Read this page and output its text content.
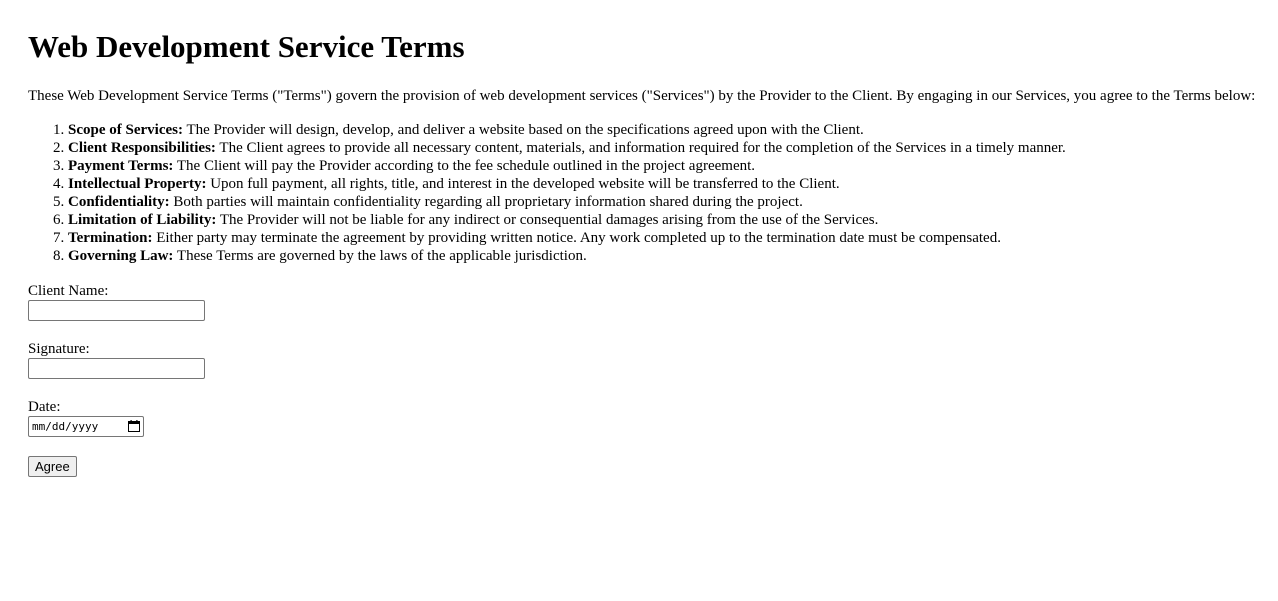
Web Development Service Terms

These Web Development Service Terms ("Terms") govern the provision of web development services ("Services") by the Provider to the Client. By engaging in our Services, you agree to the Terms below:

1. Scope of Services: The Provider will design, develop, and deliver a website based on the specifications agreed upon with the Client.
2. Client Responsibilities: The Client agrees to provide all necessary content, materials, and information required for the completion of the Services in a timely manner.
3. Payment Terms: The Client will pay the Provider according to the fee schedule outlined in the project agreement.
4. Intellectual Property: Upon full payment, all rights, title, and interest in the developed website will be transferred to the Client.
5. Confidentiality: Both parties will maintain confidentiality regarding all proprietary information shared during the project.
6. Limitation of Liability: The Provider will not be liable for any indirect or consequential damages arising from the use of the Services.
7. Termination: Either party may terminate the agreement by providing written notice. Any work completed up to the termination date must be compensated.
8. Governing Law: These Terms are governed by the laws of the applicable jurisdiction.
Client Name:
Signature:
Date:
mm/dd/yyyy
Agree
